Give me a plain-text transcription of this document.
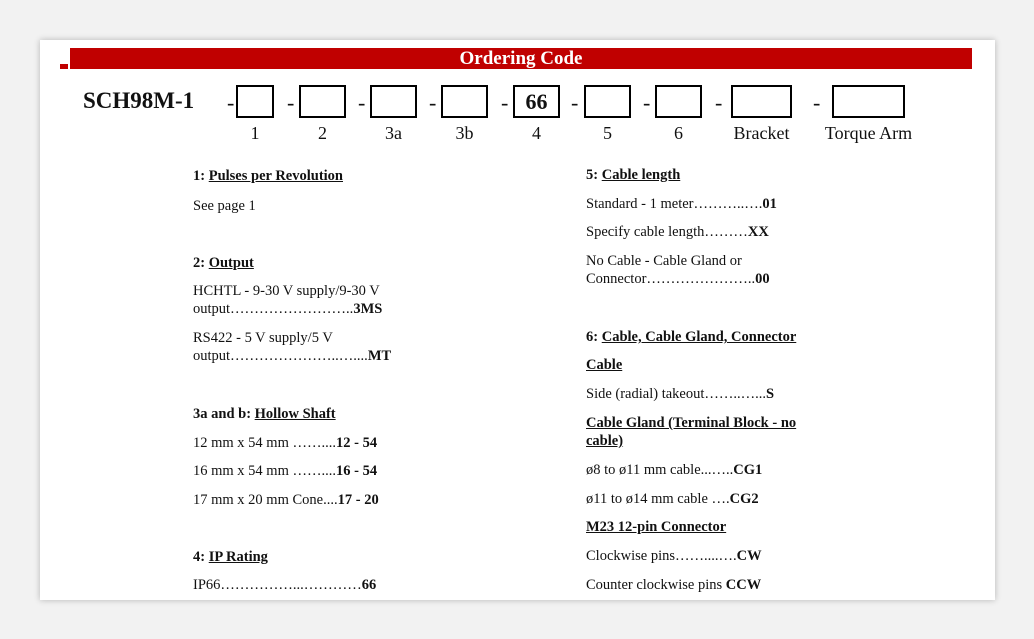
Ordering Code
SCH98M-1 -
1
-
2
-
3a
-
3b
- 66
4
-
5
-
6
-
Bracket
-
Torque Arm
1: Pulses per Revolution
See page 1
2: Output
HCHTL - 9-30 V supply/9-30 V
output……………………..3MS
RS422 - 5 V supply/5 V
output…………………..…....MT
3a and b: Hollow Shaft
12 mm x 54 mm ……....12 - 54
16 mm x 54 mm ……....16 - 54
17 mm x 20 mm Cone....17 - 20
4: IP Rating
IP66……………...…………66
5: Cable length
Standard - 1 meter………..….01
Specify cable length………XX
No Cable - Cable Gland or
Connector…………………..00
6: Cable, Cable Gland, Connector
Cable
Side (radial) takeout……..…...S
Cable Gland (Terminal Block - no
cable)
ø8 to ø11 mm cable...…..CG1
ø11 to ø14 mm cable ….CG2
M23 12-pin Connector
Clockwise pins……....….CW
Counter clockwise pins CCW
